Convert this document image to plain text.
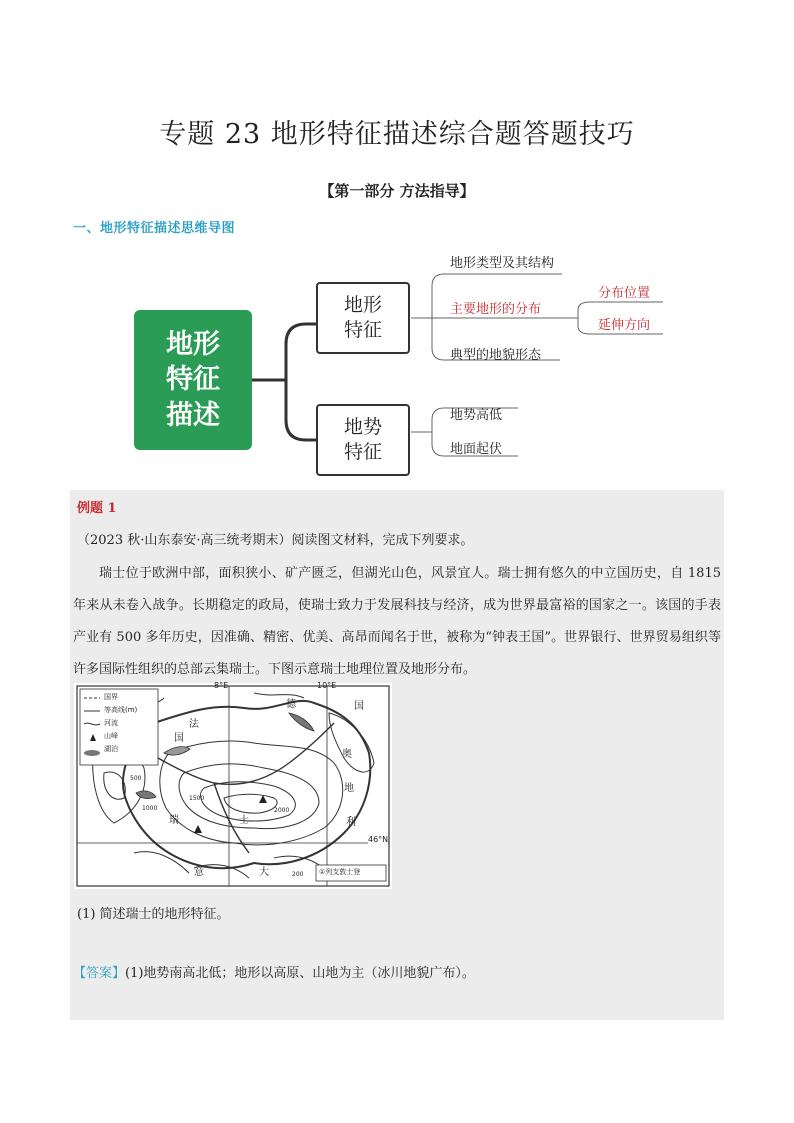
专题 23 地形特征描述综合题答题技巧
【第一部分 方法指导】
一、地形特征描述思维导图
地形特征描述
地形特征
地势特征
地形类型及其结构
主要地形的分布
典型的地貌形态
分布位置
延伸方向
地势高低
地面起伏
例题 1
（2023 秋·山东泰安·高三统考期末）阅读图文材料，完成下列要求。
瑞士位于欧洲中部，面积狭小、矿产匮乏，但湖光山色，风景宜人。瑞士拥有悠久的中立国历史，自 1815 年来从未卷入战争。长期稳定的政局，使瑞士致力于发展科技与经济，成为世界最富裕的国家之一。该国的手表产业有 500 多年历史，因准确、精密、优美、高昂而闻名于世，被称为“钟表王国”。世界银行、世界贸易组织等许多国际性组织的总部云集瑞士。下图示意瑞士地理位置及地形分布。
8°E	10°E
46°N
国界
等高线(m)
河流
山峰
湖泊
德	国
法
国
瑞	士
奥
地
利
意	大	①列支敦士登
500
1000
1500
2000
200
(1) 简述瑞士的地形特征。
【答案】(1)地势南高北低；地形以高原、山地为主（冰川地貌广布）。
